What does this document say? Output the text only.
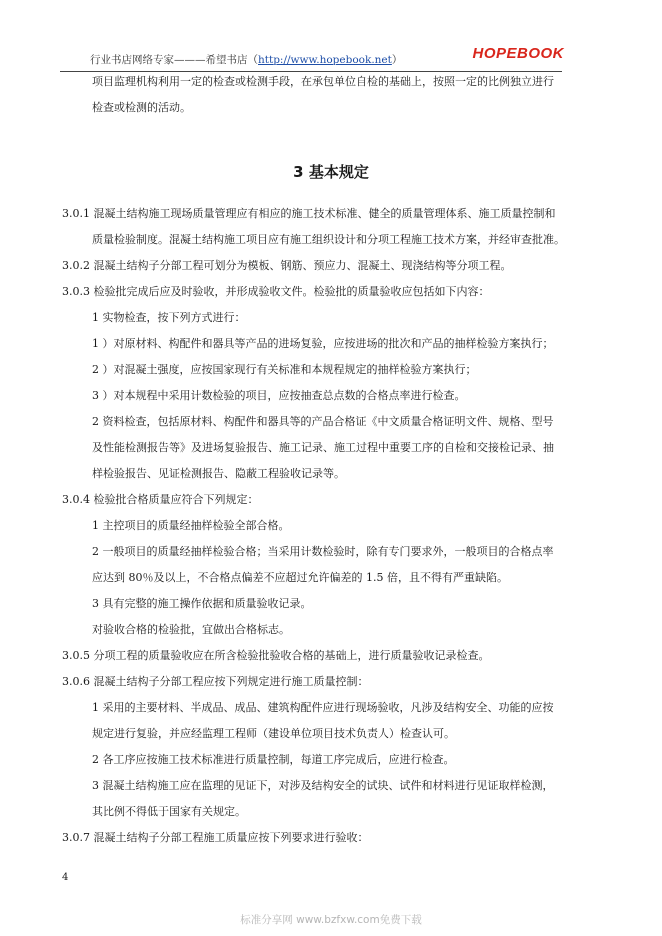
行业书店网络专家———希望书店（http://www.hopebook.net）	HOPEBOOK
项目监理机构利用一定的检查或检测手段，在承包单位自检的基础上，按照一定的比例独立进行
检查或检测的活动。
3 基本规定
3.0.1 混凝土结构施工现场质量管理应有相应的施工技术标准、健全的质量管理体系、施工质量控制和
质量检验制度。混凝土结构施工项目应有施工组织设计和分项工程施工技术方案，并经审查批准。
3.0.2 混凝土结构子分部工程可划分为模板、钢筋、预应力、混凝土、现浇结构等分项工程。
3.0.3 检验批完成后应及时验收，并形成验收文件。检验批的质量验收应包括如下内容：
1 实物检查，按下列方式进行：
1 ）对原材料、构配件和器具等产品的进场复验，应按进场的批次和产品的抽样检验方案执行；
2 ）对混凝土强度，应按国家现行有关标准和本规程规定的抽样检验方案执行；
3 ）对本规程中采用计数检验的项目，应按抽查总点数的合格点率进行检查。
2 资料检查，包括原材料、构配件和器具等的产品合格证《中文质量合格证明文件、规格、型号
及性能检测报告等》及进场复验报告、施工记录、施工过程中重要工序的自检和交接检记录、抽
样检验报告、见证检测报告、隐蔽工程验收记录等。
3.0.4 检验批合格质量应符合下列规定：
1 主控项目的质量经抽样检验全部合格。
2 一般项目的质量经抽样检验合格；当采用计数检验时，除有专门要求外，一般项目的合格点率
应达到 80％及以上，不合格点偏差不应超过允许偏差的 1.5 倍，且不得有严重缺陷。
3 具有完整的施工操作依据和质量验收记录。
对验收合格的检验批，宜做出合格标志。
3.0.5 分项工程的质量验收应在所含检验批验收合格的基础上，进行质量验收记录检查。
3.0.6 混凝土结构子分部工程应按下列规定进行施工质量控制：
1 采用的主要材料、半成品、成品、建筑构配件应进行现场验收，凡涉及结构安全、功能的应按
规定进行复验，并应经监理工程师（建设单位项目技术负责人）检查认可。
2 各工序应按施工技术标准进行质量控制，每道工序完成后，应进行检查。
3 混凝土结构施工应在监理的见证下，对涉及结构安全的试块、试件和材料进行见证取样检测，
其比例不得低于国家有关规定。
3.0.7 混凝土结构子分部工程施工质量应按下列要求进行验收：
4
标准分享网 www.bzfxw.com免费下载
